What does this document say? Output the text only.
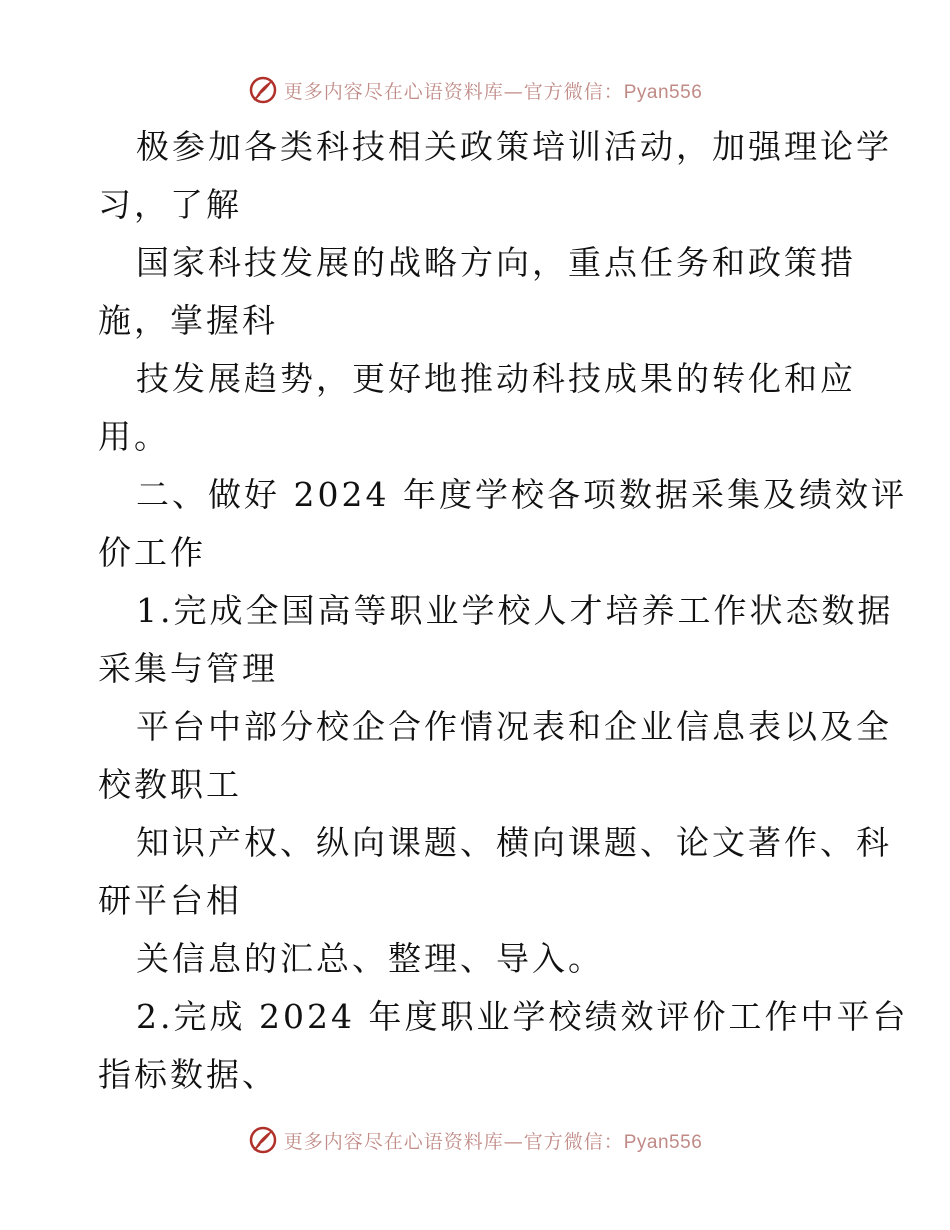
更多内容尽在心语资料库—官方微信：Pyan556

极参加各类科技相关政策培训活动，加强理论学
习，了解

国家科技发展的战略方向，重点任务和政策措
施，掌握科

技发展趋势，更好地推动科技成果的转化和应
用。

二、做好 2024 年度学校各项数据采集及绩效评
价工作

1.完成全国高等职业学校人才培养工作状态数据
采集与管理

平台中部分校企合作情况表和企业信息表以及全
校教职工

知识产权、纵向课题、横向课题、论文著作、科
研平台相

关信息的汇总、整理、导入。

2.完成 2024 年度职业学校绩效评价工作中平台
指标数据、

更多内容尽在心语资料库—官方微信：Pyan556
